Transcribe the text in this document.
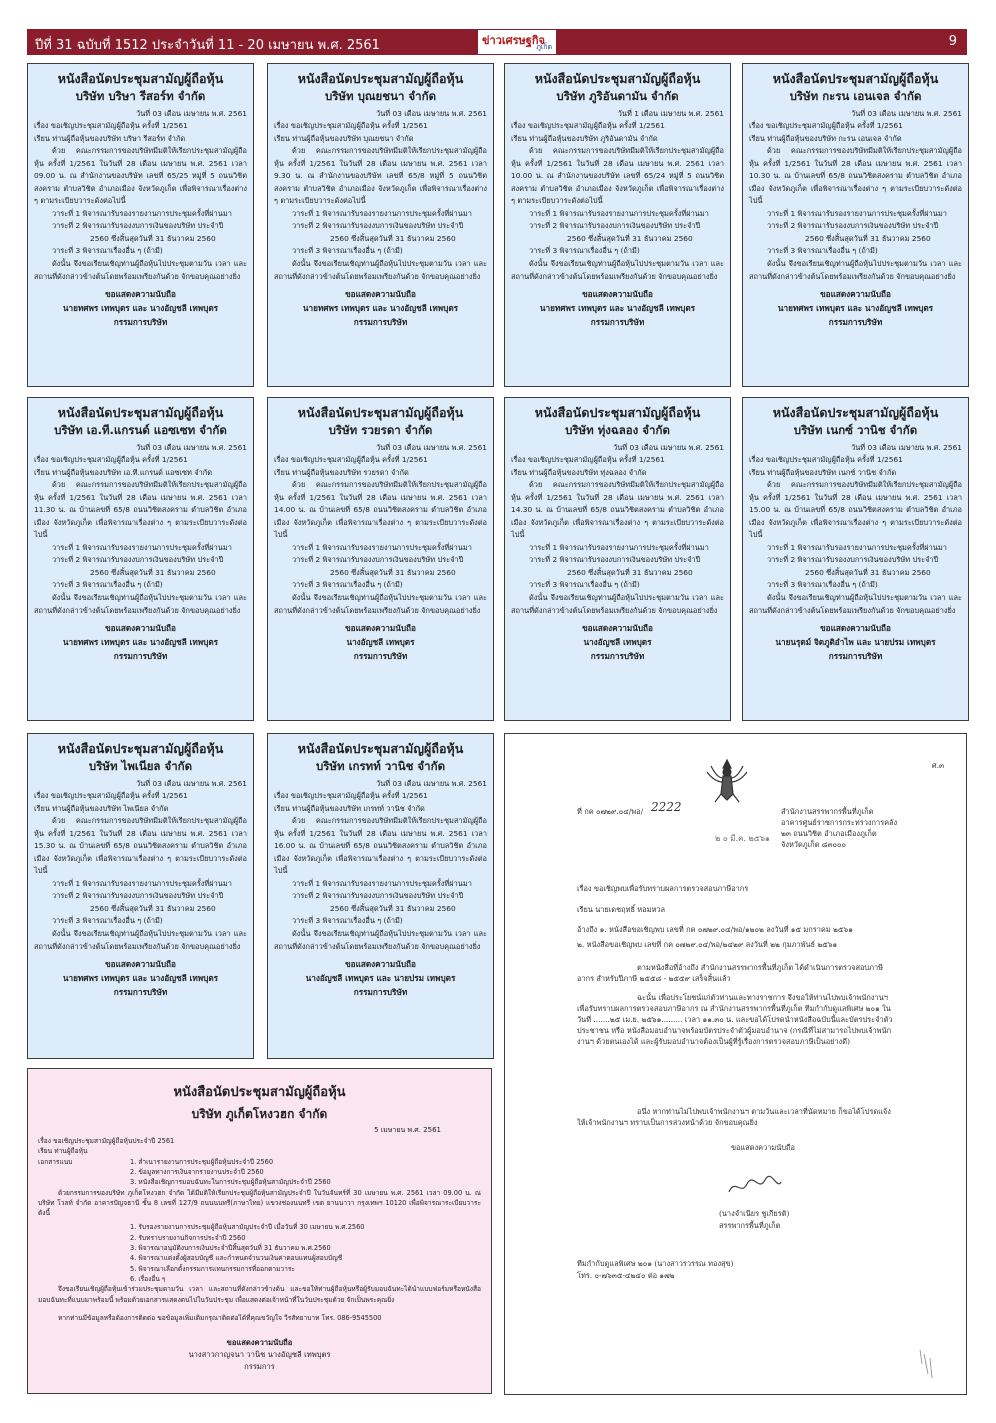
ปีที่ 31 ฉบับที่ 1512 ประจำวันที่ 11 - 20 เมษายน พ.ศ. 2561	ข่าวเศรษฐกิจ
ภูเก็ต	9
หนังสือนัดประชุมสามัญผู้ถือหุ้น
บริษัท บริษา รีสอร์ท จำกัด
วันที่ 03 เดือน เมษายน พ.ศ. 2561
เรื่อง ขอเชิญประชุมสามัญผู้ถือหุ้น ครั้งที่ 1/2561
เรียน ท่านผู้ถือหุ้นของบริษัท บริษา รีสอร์ท จำกัด
ด้วย คณะกรรมการของบริษัทมีมติให้เรียกประชุมสามัญผู้ถือหุ้น ครั้งที่ 1/2561 ในวันที่ 28 เดือน เมษายน พ.ศ. 2561 เวลา 09.00 น. ณ สำนักงานของบริษัท เลขที่ 65/25 หมู่ที่ 5 ถนนวิชิตสงคราม ตำบลวิชิต อำเภอเมือง จังหวัดภูเก็ต เพื่อพิจารณาเรื่องต่าง ๆ ตามระเบียบวาระดังต่อไปนี้
วาระที่ 1 พิจารณารับรองรายงานการประชุมครั้งที่ผ่านมา
วาระที่ 2 พิจารณารับรองงบการเงินของบริษัท ประจำปี
2560 ซึ่งสิ้นสุดวันที่ 31 ธันวาคม 2560
วาระที่ 3 พิจารณาเรื่องอื่น ๆ (ถ้ามี)
ดังนั้น จึงขอเรียนเชิญท่านผู้ถือหุ้นไปประชุมตามวัน เวลา และสถานที่ดังกล่าวข้างต้นโดยพร้อมเพรียงกันด้วย จักขอบคุณอย่างยิ่ง
ขอแสดงความนับถือ
นายทศพร เทพบุตร และ นางอัญชลี เทพบุตร
กรรมการบริษัท
หนังสือนัดประชุมสามัญผู้ถือหุ้น
บริษัท บุณยชนา จำกัด
วันที่ 03 เดือน เมษายน พ.ศ. 2561
เรื่อง ขอเชิญประชุมสามัญผู้ถือหุ้น ครั้งที่ 1/2561
เรียน ท่านผู้ถือหุ้นของบริษัท บุณยชนา จำกัด
ด้วย คณะกรรมการของบริษัทมีมติให้เรียกประชุมสามัญผู้ถือหุ้น ครั้งที่ 1/2561 ในวันที่ 28 เดือน เมษายน พ.ศ. 2561 เวลา 9.30 น. ณ สำนักงานของบริษัท เลขที่ 65/8 หมู่ที่ 5 ถนนวิชิตสงคราม ตำบลวิชิต อำเภอเมือง จังหวัดภูเก็ต เพื่อพิจารณาเรื่องต่าง ๆ ตามระเบียบวาระดังต่อไปนี้
วาระที่ 1 พิจารณารับรองรายงานการประชุมครั้งที่ผ่านมา
วาระที่ 2 พิจารณารับรองงบการเงินของบริษัท ประจำปี
2560 ซึ่งสิ้นสุดวันที่ 31 ธันวาคม 2560
วาระที่ 3 พิจารณาเรื่องอื่น ๆ (ถ้ามี)
ดังนั้น จึงขอเรียนเชิญท่านผู้ถือหุ้นไปประชุมตามวัน เวลา และสถานที่ดังกล่าวข้างต้นโดยพร้อมเพรียงกันด้วย จักขอบคุณอย่างยิ่ง
ขอแสดงความนับถือ
นายทศพร เทพบุตร และ นางอัญชลี เทพบุตร
กรรมการบริษัท
หนังสือนัดประชุมสามัญผู้ถือหุ้น
บริษัท ภูริอันดามัน จำกัด
วันที่ 1 เดือน เมษายน พ.ศ. 2561
เรื่อง ขอเชิญประชุมสามัญผู้ถือหุ้น ครั้งที่ 1/2561
เรียน ท่านผู้ถือหุ้นของบริษัท ภูริอันดามัน จำกัด
ด้วย คณะกรรมการของบริษัทมีมติให้เรียกประชุมสามัญผู้ถือหุ้น ครั้งที่ 1/2561 ในวันที่ 28 เดือน เมษายน พ.ศ. 2561 เวลา 10.00 น. ณ สำนักงานของบริษัท เลขที่ 65/24 หมู่ที่ 5 ถนนวิชิตสงคราม ตำบลวิชิต อำเภอเมือง จังหวัดภูเก็ต เพื่อพิจารณาเรื่องต่าง ๆ ตามระเบียบวาระดังต่อไปนี้
วาระที่ 1 พิจารณารับรองรายงานการประชุมครั้งที่ผ่านมา
วาระที่ 2 พิจารณารับรองงบการเงินของบริษัท ประจำปี
2560 ซึ่งสิ้นสุดวันที่ 31 ธันวาคม 2560
วาระที่ 3 พิจารณาเรื่องอื่น ๆ (ถ้ามี)
ดังนั้น จึงขอเรียนเชิญท่านผู้ถือหุ้นไปประชุมตามวัน เวลา และสถานที่ดังกล่าวข้างต้นโดยพร้อมเพรียงกันด้วย จักขอบคุณอย่างยิ่ง
ขอแสดงความนับถือ
นายทศพร เทพบุตร และ นางอัญชลี เทพบุตร
กรรมการบริษัท
หนังสือนัดประชุมสามัญผู้ถือหุ้น
บริษัท กะรน เอนเจล จำกัด
วันที่ 03 เดือน เมษายน พ.ศ. 2561
เรื่อง ขอเชิญประชุมสามัญผู้ถือหุ้น ครั้งที่ 1/2561
เรียน ท่านผู้ถือหุ้นของบริษัท กะรน เอนเจล จำกัด
ด้วย คณะกรรมการของบริษัทมีมติให้เรียกประชุมสามัญผู้ถือหุ้น ครั้งที่ 1/2561 ในวันที่ 28 เดือน เมษายน พ.ศ. 2561 เวลา 10.30 น. ณ บ้านเลขที่ 65/8 ถนนวิชิตสงคราม ตำบลวิชิต อำเภอเมือง จังหวัดภูเก็ต เพื่อพิจารณาเรื่องต่าง ๆ ตามระเบียบวาระดังต่อไปนี้
วาระที่ 1 พิจารณารับรองรายงานการประชุมครั้งที่ผ่านมา
วาระที่ 2 พิจารณารับรองงบการเงินของบริษัท ประจำปี
2560 ซึ่งสิ้นสุดวันที่ 31 ธันวาคม 2560
วาระที่ 3 พิจารณาเรื่องอื่น ๆ (ถ้ามี)
ดังนั้น จึงขอเรียนเชิญท่านผู้ถือหุ้นไปประชุมตามวัน เวลา และสถานที่ดังกล่าวข้างต้นโดยพร้อมเพรียงกันด้วย จักขอบคุณอย่างยิ่ง
ขอแสดงความนับถือ
นายทศพร เทพบุตร และ นางอัญชลี เทพบุตร
กรรมการบริษัท
หนังสือนัดประชุมสามัญผู้ถือหุ้น
บริษัท เอ.ที.แกรนด์ แอซเซท จำกัด
วันที่ 03 เดือน เมษายน พ.ศ. 2561
เรื่อง ขอเชิญประชุมสามัญผู้ถือหุ้น ครั้งที่ 1/2561
เรียน ท่านผู้ถือหุ้นของบริษัท เอ.ที.แกรนด์ แอซเซท จำกัด
ด้วย คณะกรรมการของบริษัทมีมติให้เรียกประชุมสามัญผู้ถือหุ้น ครั้งที่ 1/2561 ในวันที่ 28 เดือน เมษายน พ.ศ. 2561 เวลา 11.30 น. ณ บ้านเลขที่ 65/8 ถนนวิชิตสงคราม ตำบลวิชิต อำเภอเมือง จังหวัดภูเก็ต เพื่อพิจารณาเรื่องต่าง ๆ ตามระเบียบวาระดังต่อไปนี้
วาระที่ 1 พิจารณารับรองรายงานการประชุมครั้งที่ผ่านมา
วาระที่ 2 พิจารณารับรองงบการเงินของบริษัท ประจำปี
2560 ซึ่งสิ้นสุดวันที่ 31 ธันวาคม 2560
วาระที่ 3 พิจารณาเรื่องอื่น ๆ (ถ้ามี)
ดังนั้น จึงขอเรียนเชิญท่านผู้ถือหุ้นไปประชุมตามวัน เวลา และสถานที่ดังกล่าวข้างต้นโดยพร้อมเพรียงกันด้วย จักขอบคุณอย่างยิ่ง
ขอแสดงความนับถือ
นายทศพร เทพบุตร และ นางอัญชลี เทพบุตร
กรรมการบริษัท
หนังสือนัดประชุมสามัญผู้ถือหุ้น
บริษัท รวยรดา จำกัด
วันที่ 03 เดือน เมษายน พ.ศ. 2561
เรื่อง ขอเชิญประชุมสามัญผู้ถือหุ้น ครั้งที่ 1/2561
เรียน ท่านผู้ถือหุ้นของบริษัท รวยรดา จำกัด
ด้วย คณะกรรมการของบริษัทมีมติให้เรียกประชุมสามัญผู้ถือหุ้น ครั้งที่ 1/2561 ในวันที่ 28 เดือน เมษายน พ.ศ. 2561 เวลา 14.00 น. ณ บ้านเลขที่ 65/8 ถนนวิชิตสงคราม ตำบลวิชิต อำเภอเมือง จังหวัดภูเก็ต เพื่อพิจารณาเรื่องต่าง ๆ ตามระเบียบวาระดังต่อไปนี้
วาระที่ 1 พิจารณารับรองรายงานการประชุมครั้งที่ผ่านมา
วาระที่ 2 พิจารณารับรองงบการเงินของบริษัท ประจำปี
2560 ซึ่งสิ้นสุดวันที่ 31 ธันวาคม 2560
วาระที่ 3 พิจารณาเรื่องอื่น ๆ (ถ้ามี)
ดังนั้น จึงขอเรียนเชิญท่านผู้ถือหุ้นไปประชุมตามวัน เวลา และสถานที่ดังกล่าวข้างต้นโดยพร้อมเพรียงกันด้วย จักขอบคุณอย่างยิ่ง
ขอแสดงความนับถือ
นางอัญชลี เทพบุตร
กรรมการบริษัท
หนังสือนัดประชุมสามัญผู้ถือหุ้น
บริษัท ทุ่งฉลอง จำกัด
วันที่ 03 เดือน เมษายน พ.ศ. 2561
เรื่อง ขอเชิญประชุมสามัญผู้ถือหุ้น ครั้งที่ 1/2561
เรียน ท่านผู้ถือหุ้นของบริษัท ทุ่งฉลอง จำกัด
ด้วย คณะกรรมการของบริษัทมีมติให้เรียกประชุมสามัญผู้ถือหุ้น ครั้งที่ 1/2561 ในวันที่ 28 เดือน เมษายน พ.ศ. 2561 เวลา 14.30 น. ณ บ้านเลขที่ 65/8 ถนนวิชิตสงคราม ตำบลวิชิต อำเภอเมือง จังหวัดภูเก็ต เพื่อพิจารณาเรื่องต่าง ๆ ตามระเบียบวาระดังต่อไปนี้
วาระที่ 1 พิจารณารับรองรายงานการประชุมครั้งที่ผ่านมา
วาระที่ 2 พิจารณารับรองงบการเงินของบริษัท ประจำปี
2560 ซึ่งสิ้นสุดวันที่ 31 ธันวาคม 2560
วาระที่ 3 พิจารณาเรื่องอื่น ๆ (ถ้ามี)
ดังนั้น จึงขอเรียนเชิญท่านผู้ถือหุ้นไปประชุมตามวัน เวลา และสถานที่ดังกล่าวข้างต้นโดยพร้อมเพรียงกันด้วย จักขอบคุณอย่างยิ่ง
ขอแสดงความนับถือ
นางอัญชลี เทพบุตร
กรรมการบริษัท
หนังสือนัดประชุมสามัญผู้ถือหุ้น
บริษัท เนกซ์ วานิช จำกัด
วันที่ 03 เดือน เมษายน พ.ศ. 2561
เรื่อง ขอเชิญประชุมสามัญผู้ถือหุ้น ครั้งที่ 1/2561
เรียน ท่านผู้ถือหุ้นของบริษัท เนกซ์ วานิช จำกัด
ด้วย คณะกรรมการของบริษัทมีมติให้เรียกประชุมสามัญผู้ถือหุ้น ครั้งที่ 1/2561 ในวันที่ 28 เดือน เมษายน พ.ศ. 2561 เวลา 15.00 น. ณ บ้านเลขที่ 65/8 ถนนวิชิตสงคราม ตำบลวิชิต อำเภอเมือง จังหวัดภูเก็ต เพื่อพิจารณาเรื่องต่าง ๆ ตามระเบียบวาระดังต่อไปนี้
วาระที่ 1 พิจารณารับรองรายงานการประชุมครั้งที่ผ่านมา
วาระที่ 2 พิจารณารับรองงบการเงินของบริษัท ประจำปี
2560 ซึ่งสิ้นสุดวันที่ 31 ธันวาคม 2560
วาระที่ 3 พิจารณาเรื่องอื่น ๆ (ถ้ามี)
ดังนั้น จึงขอเรียนเชิญท่านผู้ถือหุ้นไปประชุมตามวัน เวลา และสถานที่ดังกล่าวข้างต้นโดยพร้อมเพรียงกันด้วย จักขอบคุณอย่างยิ่ง
ขอแสดงความนับถือ
นายนรุตม์ จิตภูติอำไพ และ นายปรม เทพบุตร
กรรมการบริษัท
หนังสือนัดประชุมสามัญผู้ถือหุ้น
บริษัท ไพเนียล จำกัด
วันที่ 03 เดือน เมษายน พ.ศ. 2561
เรื่อง ขอเชิญประชุมสามัญผู้ถือหุ้น ครั้งที่ 1/2561
เรียน ท่านผู้ถือหุ้นของบริษัท ไพเนียล จำกัด
ด้วย คณะกรรมการของบริษัทมีมติให้เรียกประชุมสามัญผู้ถือหุ้น ครั้งที่ 1/2561 ในวันที่ 28 เดือน เมษายน พ.ศ. 2561 เวลา 15.30 น. ณ บ้านเลขที่ 65/8 ถนนวิชิตสงคราม ตำบลวิชิต อำเภอเมือง จังหวัดภูเก็ต เพื่อพิจารณาเรื่องต่าง ๆ ตามระเบียบวาระดังต่อไปนี้
วาระที่ 1 พิจารณารับรองรายงานการประชุมครั้งที่ผ่านมา
วาระที่ 2 พิจารณารับรองงบการเงินของบริษัท ประจำปี
2560 ซึ่งสิ้นสุดวันที่ 31 ธันวาคม 2560
วาระที่ 3 พิจารณาเรื่องอื่น ๆ (ถ้ามี)
ดังนั้น จึงขอเรียนเชิญท่านผู้ถือหุ้นไปประชุมตามวัน เวลา และสถานที่ดังกล่าวข้างต้นโดยพร้อมเพรียงกันด้วย จักขอบคุณอย่างยิ่ง
ขอแสดงความนับถือ
นายทศพร เทพบุตร และ นางอัญชลี เทพบุตร
กรรมการบริษัท
หนังสือนัดประชุมสามัญผู้ถือหุ้น
บริษัท เกรทท์ วานิช จำกัด
วันที่ 03 เดือน เมษายน พ.ศ. 2561
เรื่อง ขอเชิญประชุมสามัญผู้ถือหุ้น ครั้งที่ 1/2561
เรียน ท่านผู้ถือหุ้นของบริษัท เกรทท์ วานิช จำกัด
ด้วย คณะกรรมการของบริษัทมีมติให้เรียกประชุมสามัญผู้ถือหุ้น ครั้งที่ 1/2561 ในวันที่ 28 เดือน เมษายน พ.ศ. 2561 เวลา 16.00 น. ณ บ้านเลขที่ 65/8 ถนนวิชิตสงคราม ตำบลวิชิต อำเภอเมือง จังหวัดภูเก็ต เพื่อพิจารณาเรื่องต่าง ๆ ตามระเบียบวาระดังต่อไปนี้
วาระที่ 1 พิจารณารับรองรายงานการประชุมครั้งที่ผ่านมา
วาระที่ 2 พิจารณารับรองงบการเงินของบริษัท ประจำปี
2560 ซึ่งสิ้นสุดวันที่ 31 ธันวาคม 2560
วาระที่ 3 พิจารณาเรื่องอื่น ๆ (ถ้ามี)
ดังนั้น จึงขอเรียนเชิญท่านผู้ถือหุ้นไปประชุมตามวัน เวลา และสถานที่ดังกล่าวข้างต้นโดยพร้อมเพรียงกันด้วย จักขอบคุณอย่างยิ่ง
ขอแสดงความนับถือ
นางอัญชลี เทพบุตร และ นายปรม เทพบุตร
กรรมการบริษัท
หนังสือนัดประชุมสามัญผู้ถือหุ้น
บริษัท ภูเก็ตโหงวฮก จำกัด
5 เมษายน พ.ศ. 2561
เรื่อง ขอเชิญประชุมสามัญผู้ถือหุ้นประจำปี 2561
เรียน ท่านผู้ถือหุ้น
เอกสารแนบ	1. สำเนารายงานการประชุมผู้ถือหุ้นประจำปี 2560
2. ข้อมูลทางการเงินจากรายงานประจำปี 2560
3. หนังสือเชิญการมอบฉันทะในการประชุมผู้ถือหุ้นสามัญประจำปี 2560
ด้วยกรรมการของบริษัท ภูเก็ตโหงวฮก จำกัด ได้มีมติให้เรียกประชุมผู้ถือหุ้นสามัญประจำปี ในวันจันทร์ที่ 30 เมษายน พ.ศ. 2561 เวลา 09.00 น. ณ บริษัท โวลท์ จำกัด อาคารปัญจธานี ชั้น 8 เลขที่ 127/9 ถนนนนทรี(ภาษาไทย) แขวงช่องนนทรี เขต ยานนาวา กรุงเทพฯ 10120 เพื่อพิจารณาระเบียบวาระดังนี้
1. รับรองรายงานการประชุมผู้ถือหุ้นสามัญประจำปี เมื่อวันที่ 30 เมษายน พ.ศ.2560
2. รับทราบรายงานกิจการประจำปี 2560
3. พิจารณาอนุมัติงบการเงินประจำปีสิ้นสุดวันที่ 31 ธันวาคม พ.ศ.2560
4. พิจารณาแต่งตั้งผู้สอบบัญชี และกำหนดจำนวนเงินค่าตอบแทนผู้สอบบัญชี
5. พิจารณาเลือกตั้งกรรมการแทนกรรมการที่ออกตามวาระ
6. เรื่องอื่น ๆ
จึงขอเรียนเชิญผู้ถือหุ้นเข้าร่วมประชุมตามวัน เวลา และสถานที่ดังกล่าวข้างต้น และขอให้ท่านผู้ถือหุ้นหรือผู้รับมอบฉันทะได้นำแบบฟอร์มหรือหนังสือมอบฉันทะที่แนบมาพร้อมนี้ พร้อมด้วยเอกสารแสดงตนไปในวันประชุม เพื่อแสดงต่อเจ้าหน้าที่ในวันประชุมด้วย จักเป็นพระคุณยิ่ง
หากท่านมีข้อมูลหรือต้องการติดต่อ ขอข้อมูลเพิ่มเติมกรุณาติดต่อได้ที่คุณขวัญใจ วีรสัทยาบาท โทร. 086-9545500
ขอแสดงความนับถือ
นางสาวกาญจนา วานิช นางอัญชลี เทพบุตร
กรรมการ
ศ.๓
ที่ กค ๐๗๒๙.๐๔/พอ/ 2222	สำนักงานสรรพากรพื้นที่ภูเก็ต
อาคารศูนย์ราชการกระทรวงการคลัง
๒๓ ถนนวิชิต อำเภอเมืองภูเก็ต
จังหวัดภูเก็ต ๘๓๐๐๐
๒ ๐ มี.ค. ๒๕๖๑
เรื่อง ขอเชิญพบเพื่อรับทราบผลการตรวจสอบภาษีอากร
เรียน นายเดชฤทธิ์ หอมหวล
อ้างถึง ๑. หนังสือขอเชิญพบ เลขที่ กค ๐๗๒๙.๐๔/พอ/๑๒๐๒ ลงวันที่ ๑๕ มกราคม ๒๕๖๑
๒. หนังสือขอเชิญพบ เลขที่ กค ๐๗๒๙.๐๔/พอ/๒๔๒๙ ลงวันที่ ๒๒ กุมภาพันธ์ ๒๕๖๑
ตามหนังสือที่อ้างถึง สำนักงานสรรพากรพื้นที่ภูเก็ต ได้ดำเนินการตรวจสอบภาษีอากร สำหรับปีภาษี ๒๕๕๘ - ๒๕๕๙ เสร็จสิ้นแล้ว
ฉะนั้น เพื่อประโยชน์แก่ตัวท่านและทางราชการ จึงขอให้ท่านไปพบเจ้าพนักงานฯ เพื่อรับทราบผลการตรวจสอบภาษีอากร ณ สำนักงานสรรพากรพื้นที่ภูเก็ต ทีมกำกับดูแลพิเศษ ๒๐๑ ในวันที่ .......๒๕ เม.ย. ๒๕๖๑......... เวลา ๑๑.๓๐ น. และขอได้โปรดนำหนังสือฉบับนี้และบัตรประจำตัวประชาชน หรือ หนังสือมอบอำนาจพร้อมบัตรประจำตัวผู้มอบอำนาจ (กรณีที่ไม่สามารถไปพบเจ้าพนักงานฯ ด้วยตนเองได้ และผู้รับมอบอำนาจต้องเป็นผู้ที่รู้เรื่องการตรวจสอบภาษีเป็นอย่างดี)
อนึ่ง หากท่านไม่ไปพบเจ้าพนักงานฯ ตามวันและเวลาที่นัดหมาย ก็ขอได้โปรดแจ้งให้เจ้าพนักงานฯ ทราบเป็นการล่วงหน้าด้วย จักขอบคุณยิ่ง
ขอแสดงความนับถือ
(นางจำเนียร ชูเกียรติ)
สรรพากรพื้นที่ภูเก็ต
ทีมกำกับดูแลพิเศษ ๒๐๑ (นางสาวรวรรณ ทองสุข)
โทร. ๐-๗๖๓๕-๔๒๔๐ ต่อ ๑๗๒
